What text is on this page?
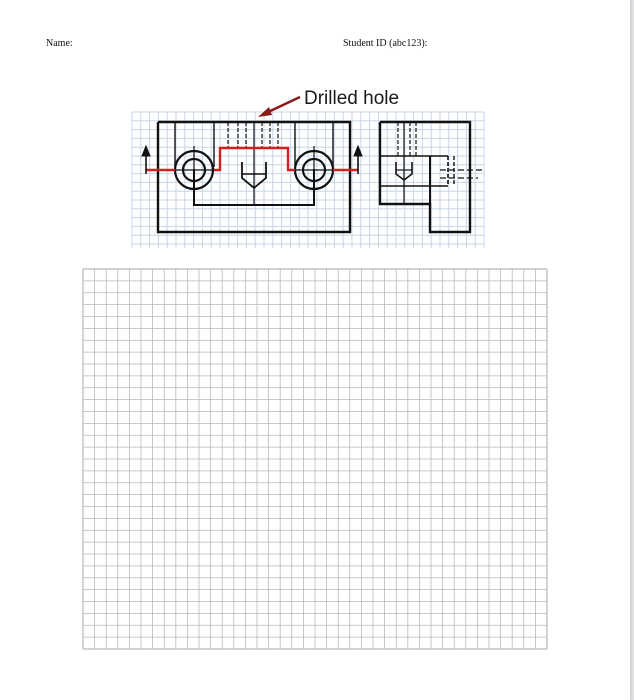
Name:	Student ID (abc123):
Drilled hole
